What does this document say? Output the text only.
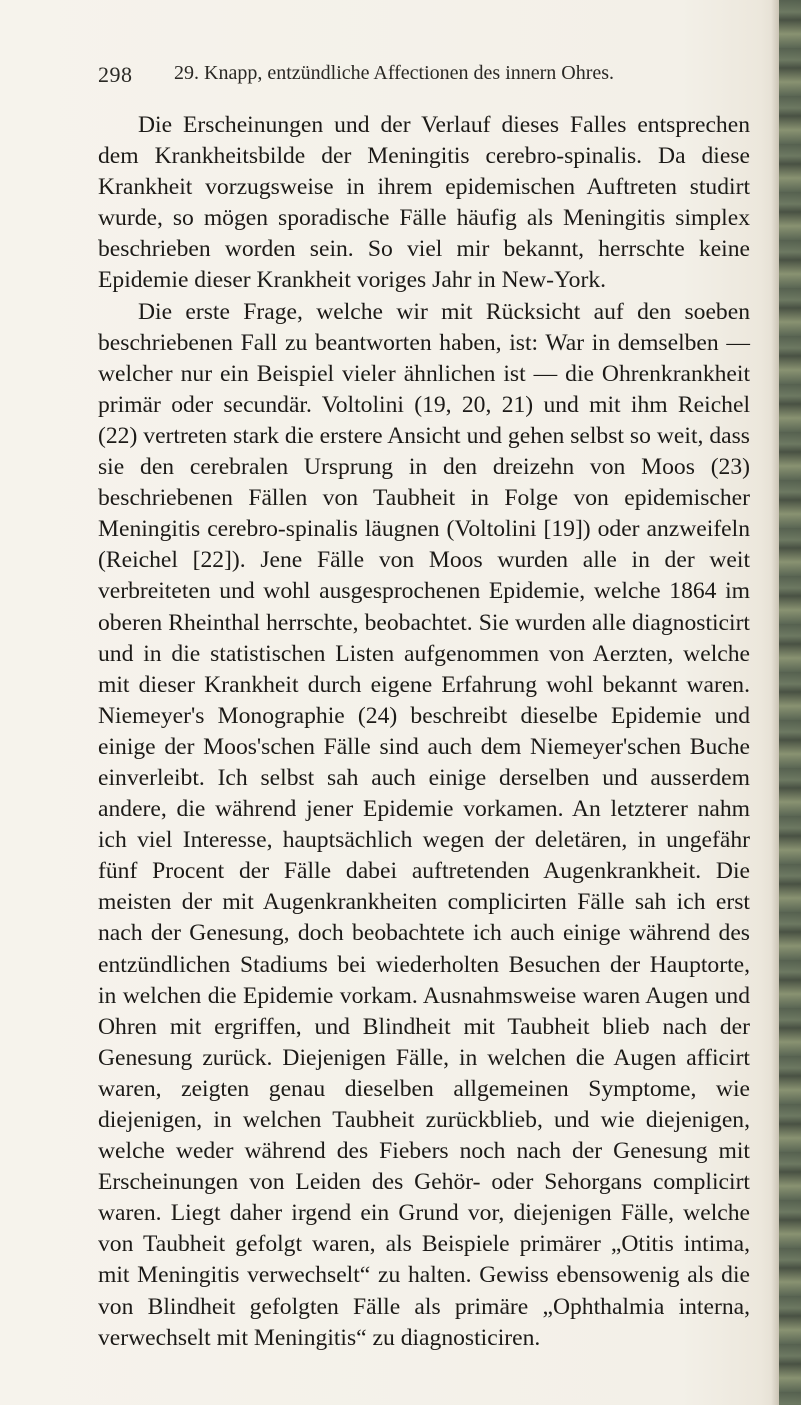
298 29. Knapp, entzündliche Affectionen des innern Ohres.

Die Erscheinungen und der Verlauf dieses Falles entsprechen dem Krankheitsbilde der Meningitis cerebro-spinalis. Da diese Krankheit vorzugsweise in ihrem epidemischen Auftreten studirt wurde, so mögen sporadische Fälle häufig als Meningitis simplex beschrieben worden sein. So viel mir bekannt, herrschte keine Epidemie dieser Krankheit voriges Jahr in New-York.

Die erste Frage, welche wir mit Rücksicht auf den soeben beschriebenen Fall zu beantworten haben, ist: War in demselben — welcher nur ein Beispiel vieler ähnlichen ist — die Ohrenkrankheit primär oder secundär. Voltolini (19, 20, 21) und mit ihm Reichel (22) vertreten stark die erstere Ansicht und gehen selbst so weit, dass sie den cerebralen Ursprung in den dreizehn von Moos (23) beschriebenen Fällen von Taubheit in Folge von epidemischer Meningitis cerebro-spinalis läugnen (Voltolini [19]) oder anzweifeln (Reichel [22]). Jene Fälle von Moos wurden alle in der weit verbreiteten und wohl ausgesprochenen Epidemie, welche 1864 im oberen Rheinthal herrschte, beobachtet. Sie wurden alle diagnosticirt und in die statistischen Listen aufgenommen von Aerzten, welche mit dieser Krankheit durch eigene Erfahrung wohl bekannt waren. Niemeyer's Monographie (24) beschreibt dieselbe Epidemie und einige der Moos'schen Fälle sind auch dem Niemeyer'schen Buche einverleibt. Ich selbst sah auch einige derselben und ausserdem andere, die während jener Epidemie vorkamen. An letzterer nahm ich viel Interesse, hauptsächlich wegen der deletären, in ungefähr fünf Procent der Fälle dabei auftretenden Augenkrankheit. Die meisten der mit Augenkrankheiten complicirten Fälle sah ich erst nach der Genesung, doch beobachtete ich auch einige während des entzündlichen Stadiums bei wiederholten Besuchen der Hauptorte, in welchen die Epidemie vorkam. Ausnahmsweise waren Augen und Ohren mit ergriffen, und Blindheit mit Taubheit blieb nach der Genesung zurück. Diejenigen Fälle, in welchen die Augen afficirt waren, zeigten genau dieselben allgemeinen Symptome, wie diejenigen, in welchen Taubheit zurückblieb, und wie diejenigen, welche weder während des Fiebers noch nach der Genesung mit Erscheinungen von Leiden des Gehör- oder Sehorgans complicirt waren. Liegt daher irgend ein Grund vor, diejenigen Fälle, welche von Taubheit gefolgt waren, als Beispiele primärer „Otitis intima, mit Meningitis verwechselt“ zu halten. Gewiss ebensowenig als die von Blindheit gefolgten Fälle als primäre „Ophthalmia interna, verwechselt mit Meningitis“ zu diagnosticiren.
